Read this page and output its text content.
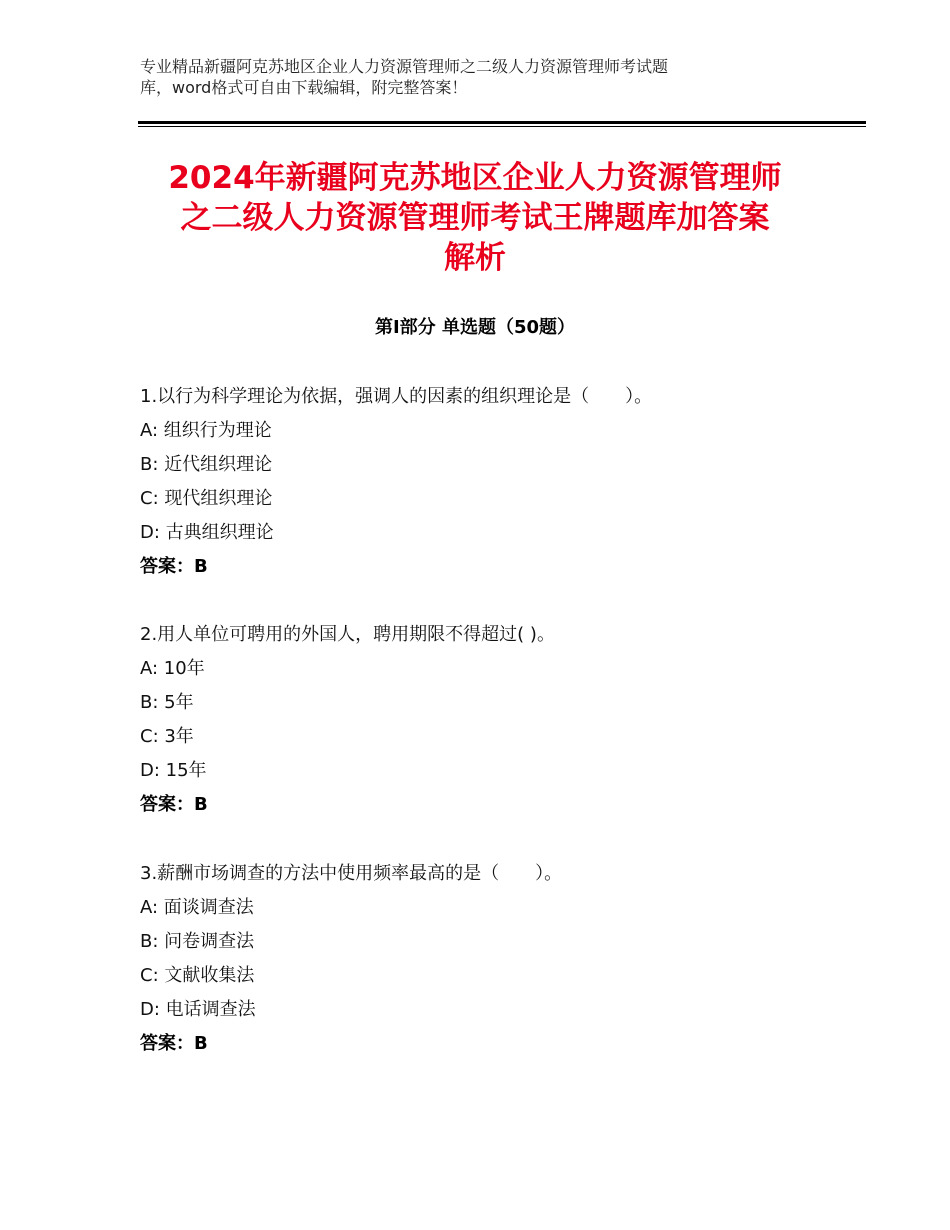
专业精品新疆阿克苏地区企业人力资源管理师之二级人力资源管理师考试题
库，word格式可自由下载编辑，附完整答案！
2024年新疆阿克苏地区企业人力资源管理师
之二级人力资源管理师考试王牌题库加答案
解析
第Ⅰ部分 单选题（50题）
1.以行为科学理论为依据，强调人的因素的组织理论是（　　）。
A: 组织行为理论
B: 近代组织理论
C: 现代组织理论
D: 古典组织理论
答案：B
2.用人单位可聘用的外国人，聘用期限不得超过( )。
A: 10年
B: 5年
C: 3年
D: 15年
答案：B
3.薪酬市场调查的方法中使用频率最高的是（　　）。
A: 面谈调查法
B: 问卷调查法
C: 文献收集法
D: 电话调查法
答案：B
